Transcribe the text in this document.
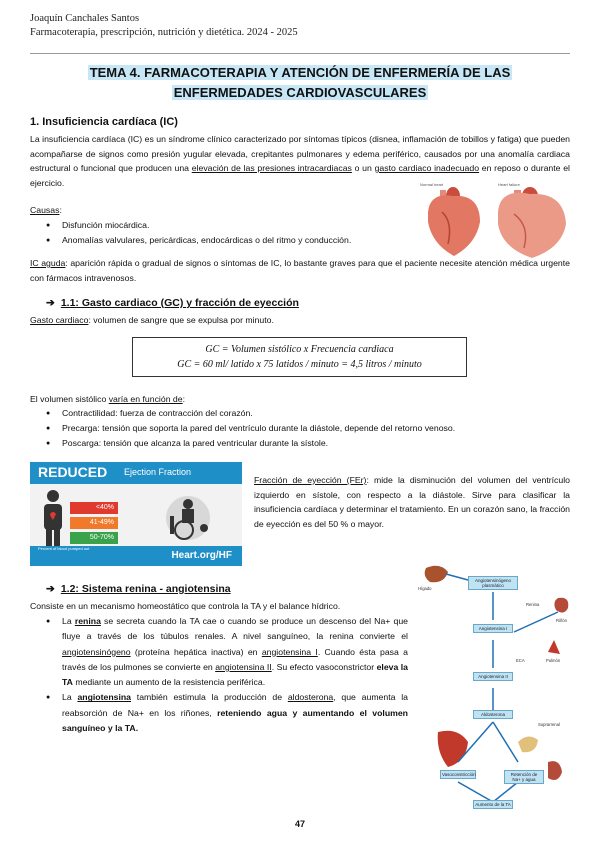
Joaquín Canchales Santos
Farmacoterapia, prescripción, nutrición y dietética. 2024 - 2025
TEMA 4. FARMACOTERAPIA Y ATENCIÓN DE ENFERMERÍA DE LAS
ENFERMEDADES CARDIOVASCULARES
1. Insuficiencia cardíaca (IC)
La insuficiencia cardíaca (IC) es un síndrome clínico caracterizado por síntomas típicos (disnea, inflamación de tobillos y fatiga) que pueden acompañarse de signos como presión yugular elevada, crepitantes pulmonares y edema periférico, causados por una anomalía cardiaca estructural o funcional que producen una elevación de las presiones intracardiacas o un gasto cardiaco inadecuado en reposo o durante el ejercicio.
Causas:
● Disfunción miocárdica.
● Anomalías valvulares, pericárdicas, endocárdicas o del ritmo y conducción.
Normal heart	Heart failure
IC aguda: aparición rápida o gradual de signos o síntomas de IC, lo bastante graves para que el paciente necesite atención médica urgente con fármacos intravenosos.
➔ 1.1: Gasto cardiaco (GC) y fracción de eyección
Gasto cardiaco: volumen de sangre que se expulsa por minuto.
GC = Volumen sistólico x Frecuencia cardiaca
GC = 60 ml/ latido x 75 latidos / minuto = 4,5 litros / minuto
El volumen sistólico varía en función de:
● Contractilidad: fuerza de contracción del corazón.
● Precarga: tensión que soporta la pared del ventrículo durante la diástole, depende del retorno venoso.
● Poscarga: tensión que alcanza la pared ventricular durante la sístole.
REDUCED Ejection Fraction
<40%
41-49%
50-70%
Percent of blood pumped out
Heart.org/HF
Fracción de eyección (FEr): mide la disminución del volumen del ventrículo izquierdo en sístole, con respecto a la diástole. Sirve para clasificar la insuficiencia cardíaca y determinar el tratamiento. En un corazón sano, la fracción de eyección es del 50 % o mayor.
➔ 1.2: Sistema renina - angiotensina
Consiste en un mecanismo homeostático que controla la TA y el balance hídrico.
● La renina se secreta cuando la TA cae o cuando se produce un descenso del Na+ que fluye a través de los túbulos renales. A nivel sanguíneo, la renina convierte el angiotensinógeno (proteína hepática inactiva) en angiotensina I. Cuando ésta pasa a través de los pulmones se convierte en angiotensina II. Su efecto vasoconstrictor eleva la TA mediante un aumento de la resistencia periférica.
● La angiotensina también estimula la producción de aldosterona, que aumenta la reabsorción de Na+ en los riñones, reteniendo agua y aumentando el volumen sanguíneo y la TA.
Angiotensinógeno plasmático
Angiotensina I
Angiotensina II
Aldosterona
Vasoconstricción	Retención de Na+ y agua
Aumento de la TA
Hígado
Riñón
Renina
Pulmón
ECA
Suprarrenal
47
